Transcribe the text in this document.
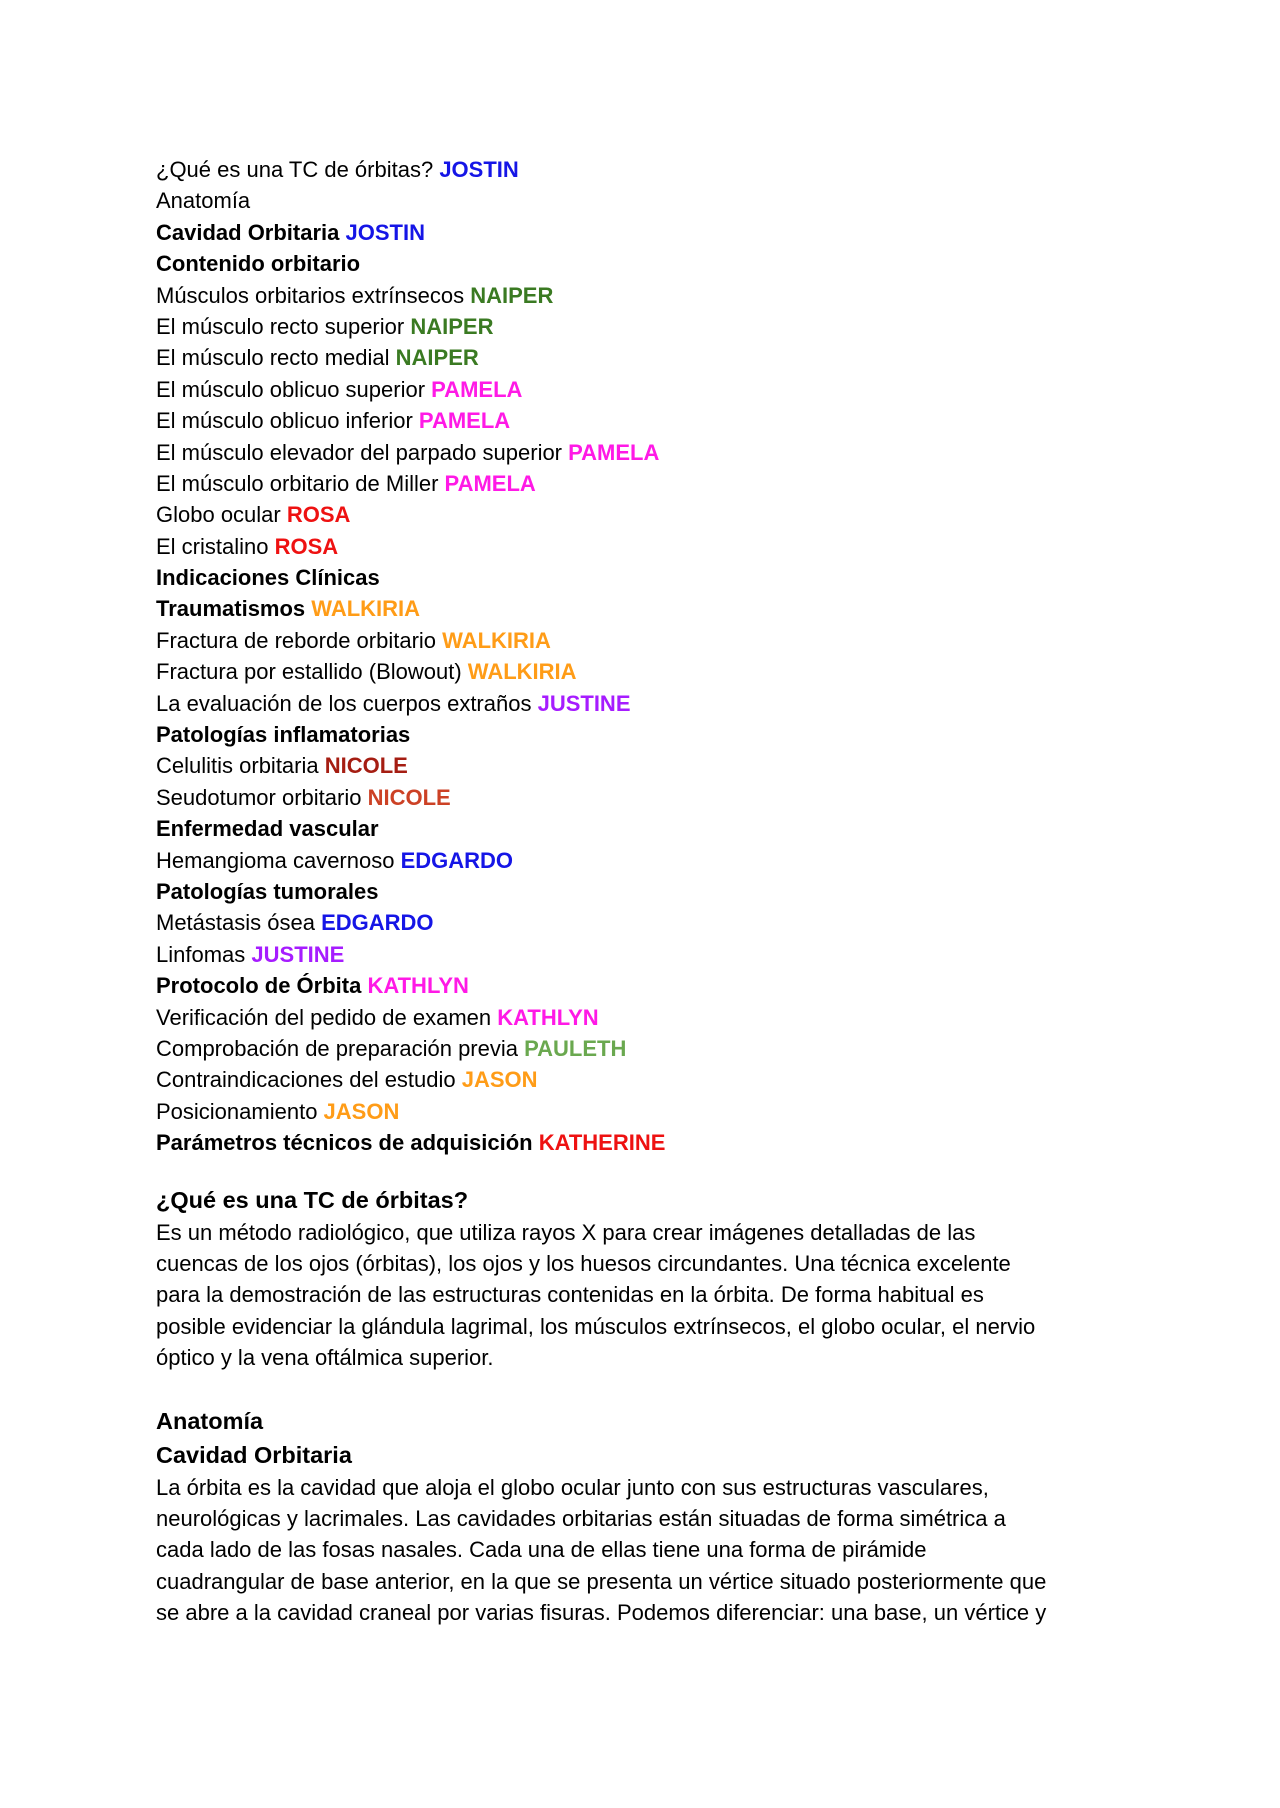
¿Qué es una TC de órbitas? JOSTIN
Anatomía
Cavidad Orbitaria JOSTIN
Contenido orbitario
Músculos orbitarios extrínsecos NAIPER
El músculo recto superior NAIPER
El músculo recto medial NAIPER
El músculo oblicuo superior PAMELA
El músculo oblicuo inferior PAMELA
El músculo elevador del parpado superior PAMELA
El músculo orbitario de Miller PAMELA
Globo ocular ROSA
El cristalino ROSA
Indicaciones Clínicas
Traumatismos WALKIRIA
Fractura de reborde orbitario WALKIRIA
Fractura por estallido (Blowout) WALKIRIA
La evaluación de los cuerpos extraños JUSTINE
Patologías inflamatorias
Celulitis orbitaria NICOLE
Seudotumor orbitario NICOLE
Enfermedad vascular
Hemangioma cavernoso EDGARDO
Patologías tumorales
Metástasis ósea EDGARDO
Linfomas JUSTINE
Protocolo de Órbita KATHLYN
Verificación del pedido de examen KATHLYN
Comprobación de preparación previa PAULETH
Contraindicaciones del estudio JASON
Posicionamiento JASON
Parámetros técnicos de adquisición KATHERINE
¿Qué es una TC de órbitas?
Es un método radiológico, que utiliza rayos X para crear imágenes detalladas de las
cuencas de los ojos (órbitas), los ojos y los huesos circundantes. Una técnica excelente
para la demostración de las estructuras contenidas en la órbita. De forma habitual es
posible evidenciar la glándula lagrimal, los músculos extrínsecos, el globo ocular, el nervio
óptico y la vena oftálmica superior.
Anatomía
Cavidad Orbitaria
La órbita es la cavidad que aloja el globo ocular junto con sus estructuras vasculares,
neurológicas y lacrimales. Las cavidades orbitarias están situadas de forma simétrica a
cada lado de las fosas nasales. Cada una de ellas tiene una forma de pirámide
cuadrangular de base anterior, en la que se presenta un vértice situado posteriormente que
se abre a la cavidad craneal por varias fisuras. Podemos diferenciar: una base, un vértice y
